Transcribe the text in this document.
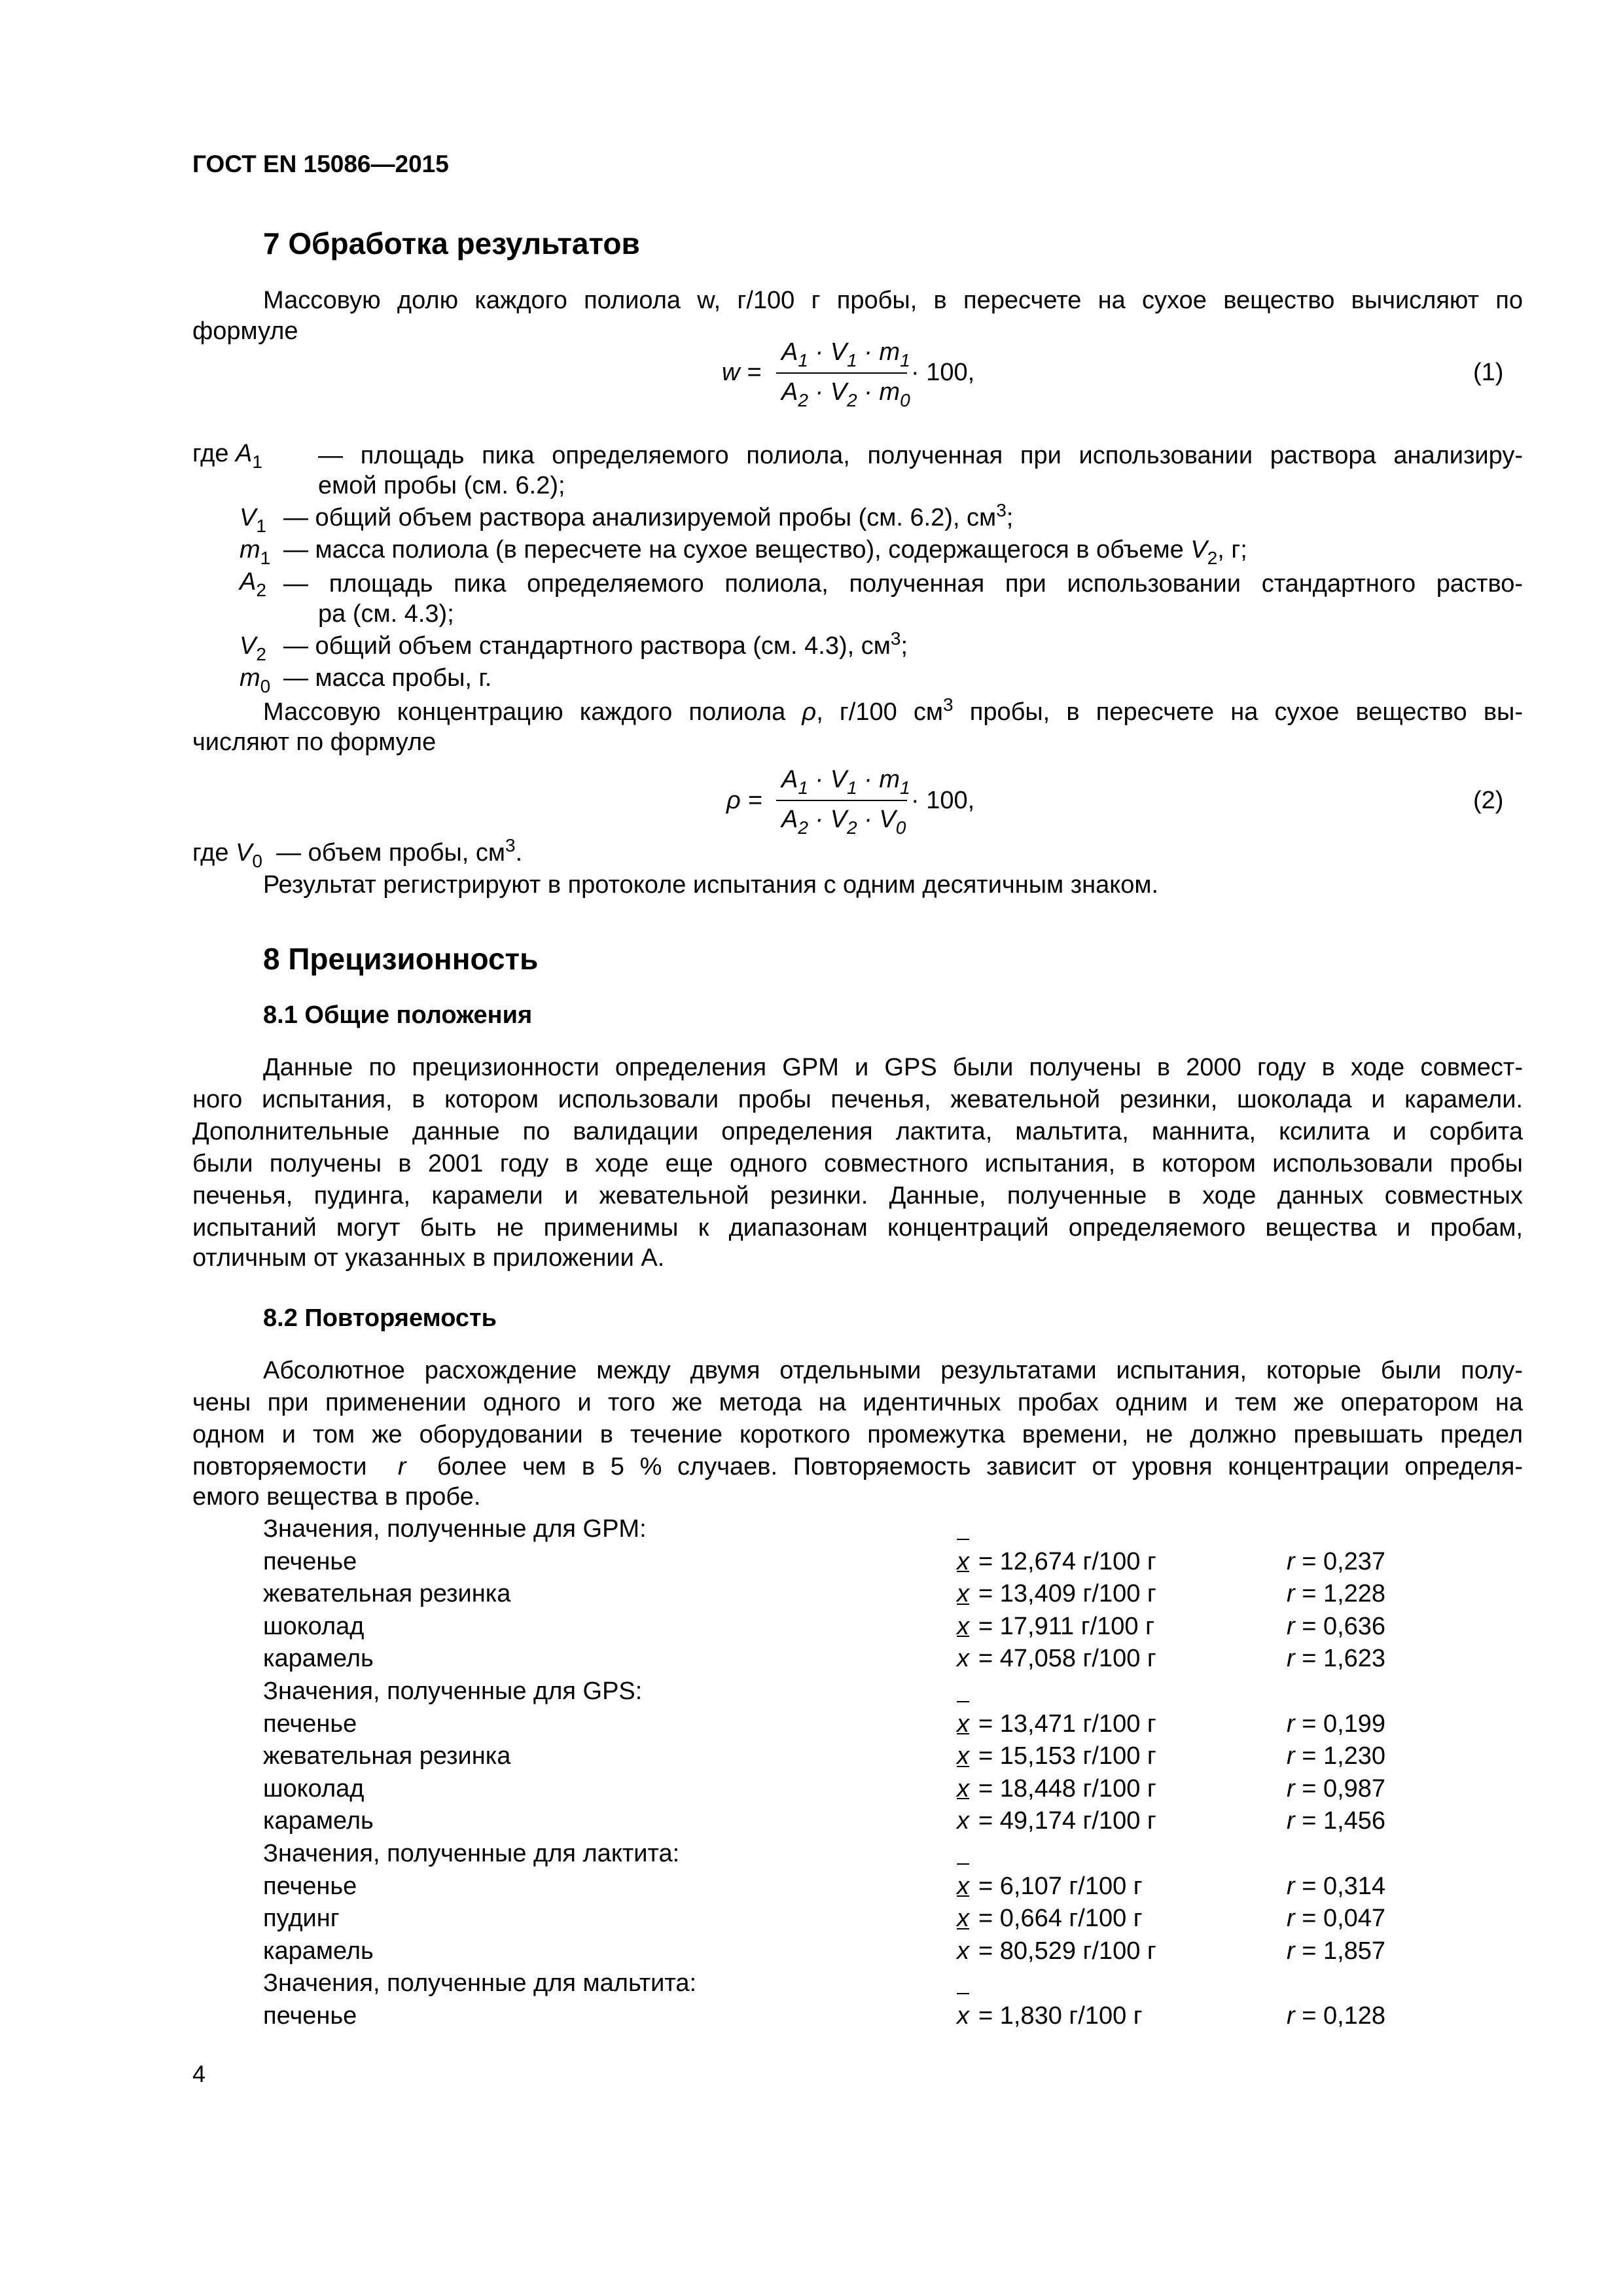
ГОСТ EN 15086—2015
7 Обработка результатов
Массовую долю каждого полиола w, г/100 г пробы, в пересчете на сухое вещество вычисляют по
формуле
w =
$A_1 \cdot V_1 \cdot m_1$
$A_2 \cdot V_2 \cdot m_0$
· 100,	(1)
где $A_1$ — площадь пика определяемого полиола, полученная при использовании раствора анализиру-
емой пробы (см. 6.2);
$V_1$ — общий объем раствора анализируемой пробы (см. 6.2), $см^3$;
$m_1$ — масса полиола (в пересчете на сухое вещество), содержащегося в объеме $V_2$, г;
$A_2$ — площадь пика определяемого полиола, полученная при использовании стандартного раство-
ра (см. 4.3);
$V_2$ — общий объем стандартного раствора (см. 4.3), $см^3$;
$m_0$ — масса пробы, г.
Массовую концентрацию каждого полиола ρ, г/100 $см^3$ пробы, в пересчете на сухое вещество вы-
числяют по формуле
ρ =
$A_1 \cdot V_1 \cdot m_1$
$A_2 \cdot V_2 \cdot V_0$
· 100,	(2)
где $V_0$  — объем пробы, $см^3$.
Результат регистрируют в протоколе испытания с одним десятичным знаком.
8 Прецизионность
8.1 Общие положения
Данные по прецизионности определения GPM и GPS были получены в 2000 году в ходе совмест-
ного испытания, в котором использовали пробы печенья, жевательной резинки, шоколада и карамели.
Дополнительные данные по валидации определения лактита, мальтита, маннита, ксилита и сорбита
были получены в 2001 году в ходе еще одного совместного испытания, в котором использовали пробы
печенья, пудинга, карамели и жевательной резинки. Данные, полученные в ходе данных совместных
испытаний могут быть не применимы к диапазонам концентраций определяемого вещества и пробам,
отличным от указанных в приложении А.
8.2 Повторяемость
Абсолютное расхождение между двумя отдельными результатами испытания, которые были полу-
чены при применении одного и того же метода на идентичных пробах одним и тем же оператором на
одном и том же оборудовании в течение короткого промежутка времени, не должно превышать предел
повторяемости  r  более чем в 5 % случаев. Повторяемость зависит от уровня концентрации определя-
емого вещества в пробе.
Значения, полученные для GPM:
печенье	x = 12,674 г/100 г	r = 0,237
жевательная резинка	x = 13,409 г/100 г	r = 1,228
шоколад	x = 17,911 г/100 г	r = 0,636
карамель	x = 47,058 г/100 г	r = 1,623
Значения, полученные для GPS:
печенье	x = 13,471 г/100 г	r = 0,199
жевательная резинка	x = 15,153 г/100 г	r = 1,230
шоколад	x = 18,448 г/100 г	r = 0,987
карамель	x = 49,174 г/100 г	r = 1,456
Значения, полученные для лактита:
печенье	x = 6,107 г/100 г	r = 0,314
пудинг	x = 0,664 г/100 г	r = 0,047
карамель	x = 80,529 г/100 г	r = 1,857
Значения, полученные для мальтита:
печенье	x = 1,830 г/100 г	r = 0,128
4
